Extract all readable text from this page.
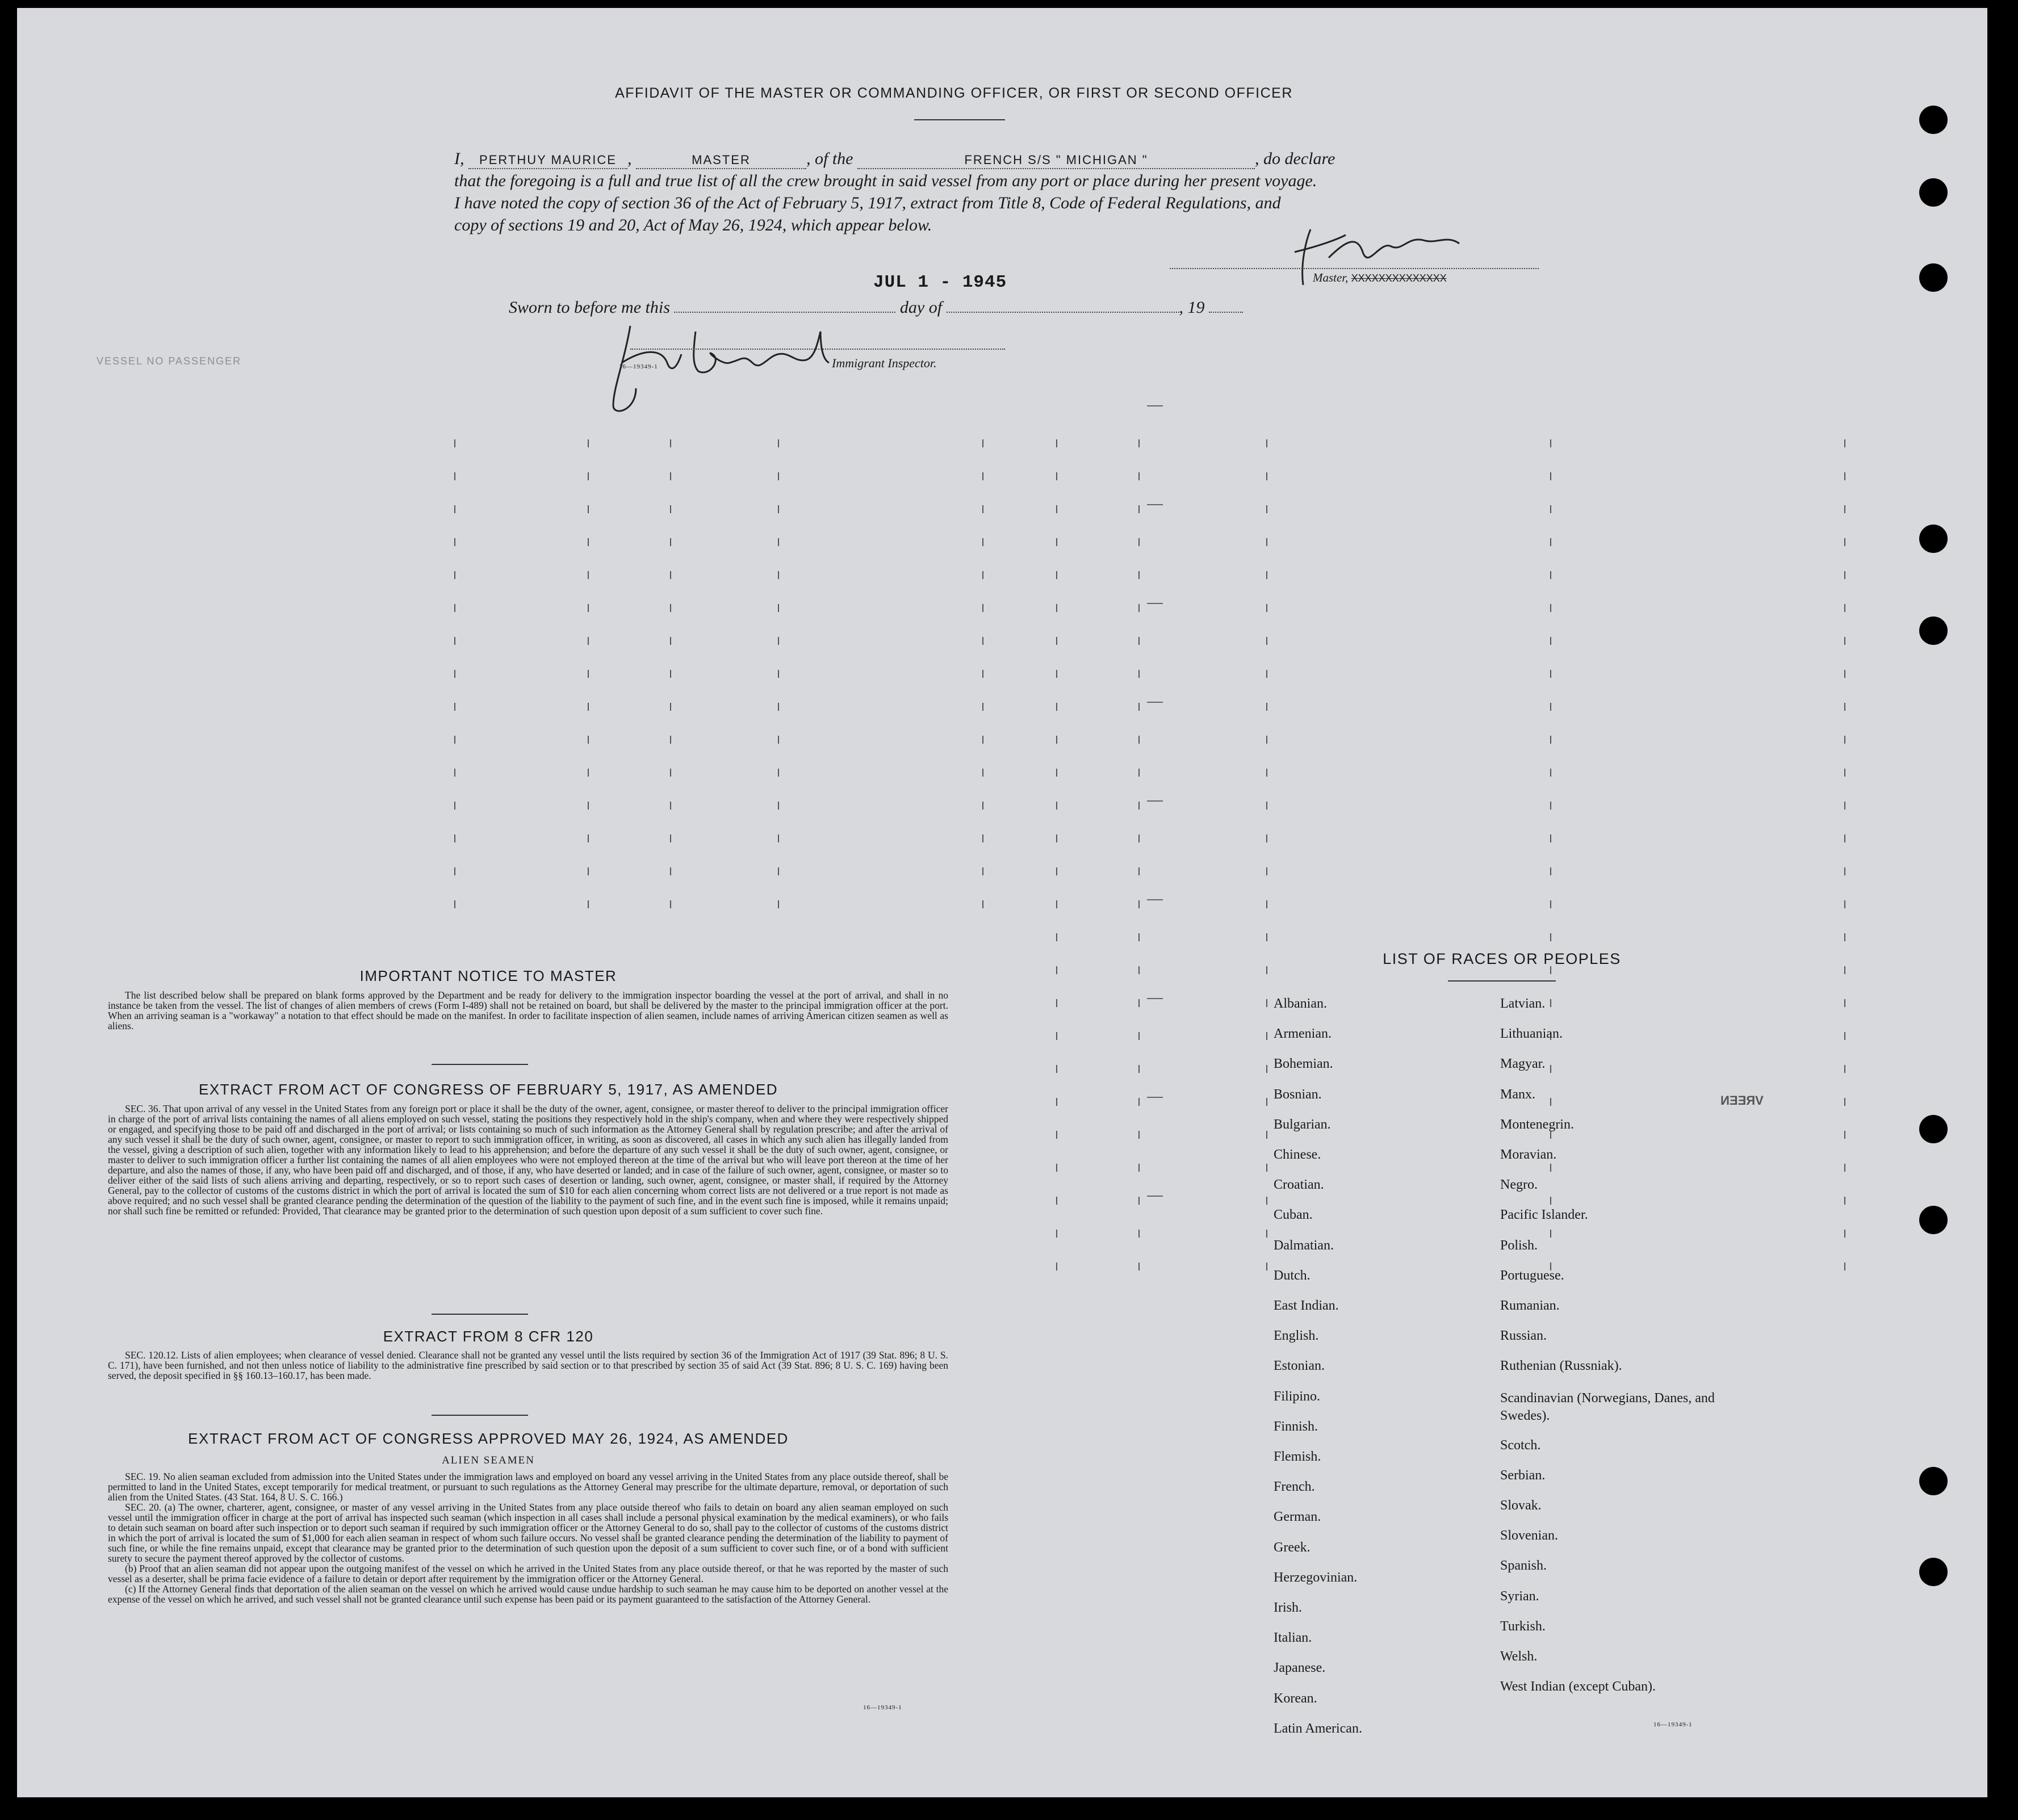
AFFIDAVIT OF THE MASTER OR COMMANDING OFFICER, OR FIRST OR SECOND OFFICER
I, PERTHUY MAURICE ,	MASTER	, of the	FRENCH S/S " MICHIGAN "	, do declare
that the foregoing is a full and true list of all the crew brought in said vessel from any port or place during her present voyage.
I have noted the copy of section 36 of the Act of February 5, 1917, extract from Title 8, Code of Federal Regulations, and
copy of sections 19 and 20, Act of May 26, 1924, which appear below.
Master, XXXXXXXXXXXXXX
JUL 1 - 1945
Sworn to before me this	day of	, 19
16—19349-1	Immigrant Inspector.
VESSEL NO PASSENGER
VREEN
IMPORTANT NOTICE TO MASTER
The list described below shall be prepared on blank forms approved by the Department and be ready for delivery to the immigration inspector boarding the vessel at the port of arrival, and shall in no instance be taken from the vessel. The list of changes of alien members of crews (Form I-489) shall not be retained on board, but shall be delivered by the master to the principal immigration officer at the port. When an arriving seaman is a "workaway" a notation to that effect should be made on the manifest. In order to facilitate inspection of alien seamen, include names of arriving American citizen seamen as well as aliens.
EXTRACT FROM ACT OF CONGRESS OF FEBRUARY 5, 1917, AS AMENDED
SEC. 36. That upon arrival of any vessel in the United States from any foreign port or place it shall be the duty of the owner, agent, consignee, or master thereof to deliver to the principal immigration officer in charge of the port of arrival lists containing the names of all aliens employed on such vessel, stating the positions they respectively hold in the ship's company, when and where they were respectively shipped or engaged, and specifying those to be paid off and discharged in the port of arrival; or lists containing so much of such information as the Attorney General shall by regulation prescribe; and after the arrival of any such vessel it shall be the duty of such owner, agent, consignee, or master to report to such immigration officer, in writing, as soon as discovered, all cases in which any such alien has illegally landed from the vessel, giving a description of such alien, together with any information likely to lead to his apprehension; and before the departure of any such vessel it shall be the duty of such owner, agent, consignee, or master to deliver to such immigration officer a further list containing the names of all alien employees who were not employed thereon at the time of the arrival but who will leave port thereon at the time of her departure, and also the names of those, if any, who have been paid off and discharged, and of those, if any, who have deserted or landed; and in case of the failure of such owner, agent, consignee, or master so to deliver either of the said lists of such aliens arriving and departing, respectively, or so to report such cases of desertion or landing, such owner, agent, consignee, or master shall, if required by the Attorney General, pay to the collector of customs of the customs district in which the port of arrival is located the sum of $10 for each alien concerning whom correct lists are not delivered or a true report is not made as above required; and no such vessel shall be granted clearance pending the determination of the question of the liability to the payment of such fine, and in the event such fine is imposed, while it remains unpaid; nor shall such fine be remitted or refunded: Provided, That clearance may be granted prior to the determination of such question upon deposit of a sum sufficient to cover such fine.
EXTRACT FROM 8 CFR 120
SEC. 120.12. Lists of alien employees; when clearance of vessel denied. Clearance shall not be granted any vessel until the lists required by section 36 of the Immigration Act of 1917 (39 Stat. 896; 8 U. S. C. 171), have been furnished, and not then unless notice of liability to the administrative fine prescribed by said section or to that prescribed by section 35 of said Act (39 Stat. 896; 8 U. S. C. 169) having been served, the deposit specified in §§ 160.13–160.17, has been made.
EXTRACT FROM ACT OF CONGRESS APPROVED MAY 26, 1924, AS AMENDED
ALIEN SEAMEN
SEC. 19. No alien seaman excluded from admission into the United States under the immigration laws and employed on board any vessel arriving in the United States from any place outside thereof, shall be permitted to land in the United States, except temporarily for medical treatment, or pursuant to such regulations as the Attorney General may prescribe for the ultimate departure, removal, or deportation of such alien from the United States. (43 Stat. 164, 8 U. S. C. 166.)
SEC. 20. (a) The owner, charterer, agent, consignee, or master of any vessel arriving in the United States from any place outside thereof who fails to detain on board any alien seaman employed on such vessel until the immigration officer in charge at the port of arrival has inspected such seaman (which inspection in all cases shall include a personal physical examination by the medical examiners), or who fails to detain such seaman on board after such inspection or to deport such seaman if required by such immigration officer or the Attorney General to do so, shall pay to the collector of customs of the customs district in which the port of arrival is located the sum of $1,000 for each alien seaman in respect of whom such failure occurs. No vessel shall be granted clearance pending the determination of the liability to payment of such fine, or while the fine remains unpaid, except that clearance may be granted prior to the determination of such question upon the deposit of a sum sufficient to cover such fine, or of a bond with sufficient surety to secure the payment thereof approved by the collector of customs.
(b) Proof that an alien seaman did not appear upon the outgoing manifest of the vessel on which he arrived in the United States from any place outside thereof, or that he was reported by the master of such vessel as a deserter, shall be prima facie evidence of a failure to detain or deport after requirement by the immigration officer or the Attorney General.
(c) If the Attorney General finds that deportation of the alien seaman on the vessel on which he arrived would cause undue hardship to such seaman he may cause him to be deported on another vessel at the expense of the vessel on which he arrived, and such vessel shall not be granted clearance until such expense has been paid or its payment guaranteed to the satisfaction of the Attorney General.
16—19349-1
LIST OF RACES OR PEOPLES
Albanian.
Armenian.
Bohemian.
Bosnian.
Bulgarian.
Chinese.
Croatian.
Cuban.
Dalmatian.
Dutch.
East Indian.
English.
Estonian.
Filipino.
Finnish.
Flemish.
French.
German.
Greek.
Herzegovinian.
Irish.
Italian.
Japanese.
Korean.
Latin American.
Latvian.
Lithuanian.
Magyar.
Manx.
Montenegrin.
Moravian.
Negro.
Pacific Islander.
Polish.
Portuguese.
Rumanian.
Russian.
Ruthenian (Russniak).
Scandinavian (Norwegians, Danes, and Swedes).
Scotch.
Serbian.
Slovak.
Slovenian.
Spanish.
Syrian.
Turkish.
Welsh.
West Indian (except Cuban).
16—19349-1
